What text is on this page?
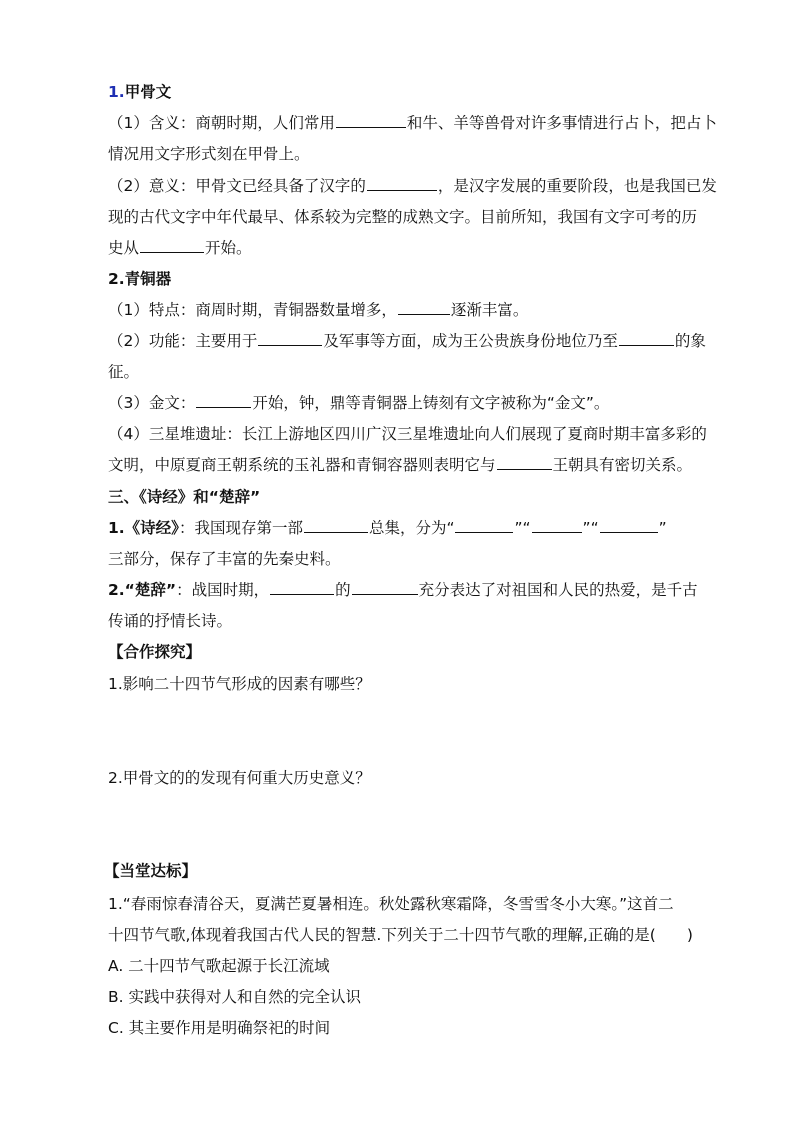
1.甲骨文
（1）含义：商朝时期，人们常用	和牛、羊等兽骨对许多事情进行占卜，把占卜
情况用文字形式刻在甲骨上。
（2）意义：甲骨文已经具备了汉字的	，是汉字发展的重要阶段，也是我国已发
现的古代文字中年代最早、体系较为完整的成熟文字。目前所知，我国有文字可考的历
史从	开始。
2.青铜器
（1）特点：商周时期，青铜器数量增多，	逐渐丰富。
（2）功能：主要用于	及军事等方面，成为王公贵族身份地位乃至	的象
征。
（3）金文：	开始，钟，鼎等青铜器上铸刻有文字被称为“金文”。
（4）三星堆遗址：长江上游地区四川广汉三星堆遗址向人们展现了夏商时期丰富多彩的
文明，中原夏商王朝系统的玉礼器和青铜容器则表明它与	王朝具有密切关系。
三、《诗经》和“楚辞”
1.《诗经》：我国现存第一部	总集，分为“	”“	”“	”
三部分，保存了丰富的先秦史料。
2.“楚辞”：战国时期，	的	充分表达了对祖国和人民的热爱，是千古
传诵的抒情长诗。
【合作探究】
1.影响二十四节气形成的因素有哪些？
2.甲骨文的的发现有何重大历史意义？
【当堂达标】
1.“春雨惊春清谷天，夏满芒夏暑相连。秋处露秋寒霜降，冬雪雪冬小大寒。”这首二
十四节气歌,体现着我国古代人民的智慧.下列关于二十四节气歌的理解,正确的是(　　)
A. 二十四节气歌起源于长江流域
B. 实践中获得对人和自然的完全认识
C. 其主要作用是明确祭祀的时间
